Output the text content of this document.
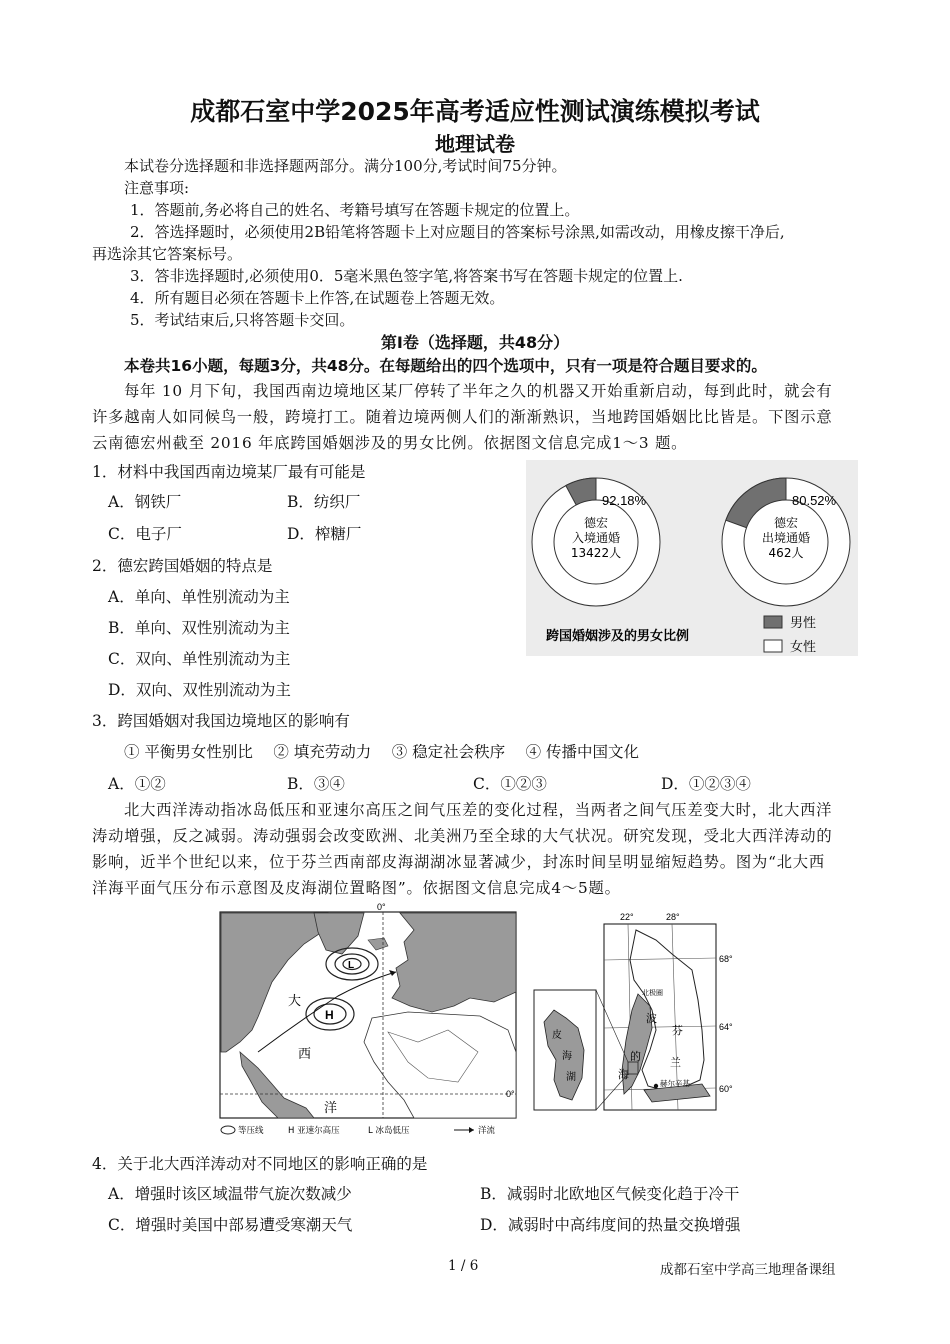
成都石室中学2025年高考适应性测试演练模拟考试
地理试卷
本试卷分选择题和非选择题两部分。满分100分,考试时间75分钟。
注意事项:
1．答题前,务必将自己的姓名、考籍号填写在答题卡规定的位置上。
2．答选择题时，必须使用2B铅笔将答题卡上对应题目的答案标号涂黑,如需改动，用橡皮擦干净后,
再选涂其它答案标号。
3．答非选择题时,必须使用0．5毫米黑色签字笔,将答案书写在答题卡规定的位置上.
4．所有题目必须在答题卡上作答,在试题卷上答题无效。
5．考试结束后,只将答题卡交回。
第Ⅰ卷（选择题，共48分）
本卷共16小题，每题3分，共48分。在每题给出的四个选项中，只有一项是符合题目要求的。
每年 10 月下旬，我国西南边境地区某厂停转了半年之久的机器又开始重新启动，每到此时，就会有
许多越南人如同候鸟一般，跨境打工。随着边境两侧人们的渐渐熟识，当地跨国婚姻比比皆是。下图示意
云南德宏州截至 2016 年底跨国婚姻涉及的男女比例。依据图文信息完成1～3 题。
1．材料中我国西南边境某厂最有可能是
A．钢铁厂	B．纺织厂
C．电子厂	D．榨糖厂
2．德宏跨国婚姻的特点是
A．单向、单性别流动为主
B．单向、双性别流动为主
C．双向、单性别流动为主
D．双向、双性别流动为主
92.18%	80.52%
德宏
入境通婚
13422人
德宏
出境通婚
462人
男性
女性
跨国婚姻涉及的男女比例
3．跨国婚姻对我国边境地区的影响有
① 平衡男女性别比　 ② 填充劳动力　 ③ 稳定社会秩序　 ④ 传播中国文化
A．①②	B．③④	C．①②③	D．①②③④
北大西洋涛动指冰岛低压和亚速尔高压之间气压差的变化过程，当两者之间气压差变大时，北大西洋
涛动增强，反之减弱。涛动强弱会改变欧洲、北美洲乃至全球的大气状况。研究发现，受北大西洋涛动的
影响，近半个世纪以来，位于芬兰西南部皮海湖湖冰显著减少，封冻时间呈明显缩短趋势。图为“北大西
洋海平面气压分布示意图及皮海湖位置略图”。依据图文信息完成4～5题。
0°
0°
L
H
大
西
洋
等压线	H 亚速尔高压	L 冰岛低压	洋流
22°	28°
68°
64°
60°
北极圈
波
的
海
芬
兰
赫尔辛基
皮
海
湖
4．关于北大西洋涛动对不同地区的影响正确的是
A．增强时该区域温带气旋次数减少	B．减弱时北欧地区气候变化趋于冷干
C．增强时美国中部易遭受寒潮天气	D．减弱时中高纬度间的热量交换增强
1 / 6	成都石室中学高三地理备课组
